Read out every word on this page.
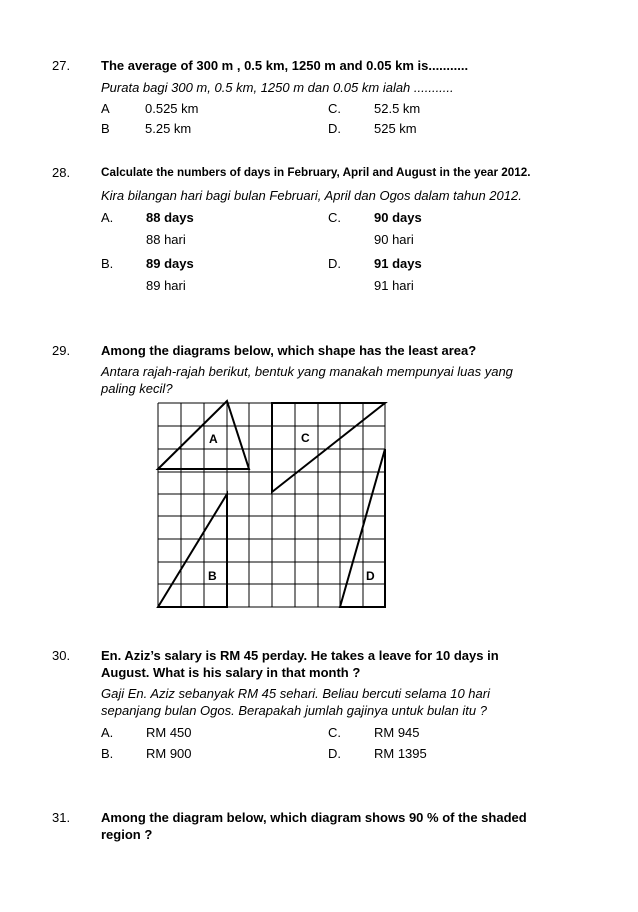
27. The average of 300 m , 0.5 km, 1250 m and 0.05 km is...........
Purata bagi 300 m, 0.5 km, 1250 m dan 0.05 km ialah ...........
A	0.525 km	C.	52.5 km
B	5.25 km	D.	525 km
28.	Calculate the numbers of days in February, April and August in the year 2012.
Kira bilangan hari bagi bulan Februari, April dan Ogos dalam tahun 2012.
A.	88 days
88 hari
C.	90 days
90 hari
B.	89 days
89 hari
D.	91 days
91 hari
29. Among the diagrams below, which shape has the least area?
Antara rajah-rajah berikut, bentuk yang manakah mempunyai luas yang
paling kecil?
A	C
B	D
30. En. Aziz’s salary is RM 45 perday. He takes a leave for 10 days in
August. What is his salary in that month ?
Gaji En. Aziz sebanyak RM 45 sehari. Beliau bercuti selama 10 hari
sepanjang bulan Ogos. Berapakah jumlah gajinya untuk bulan itu ?
A.	RM 450	C.	RM 945
B.	RM 900	D.	RM 1395
31. Among the diagram below, which diagram shows 90 % of the shaded
region ?
